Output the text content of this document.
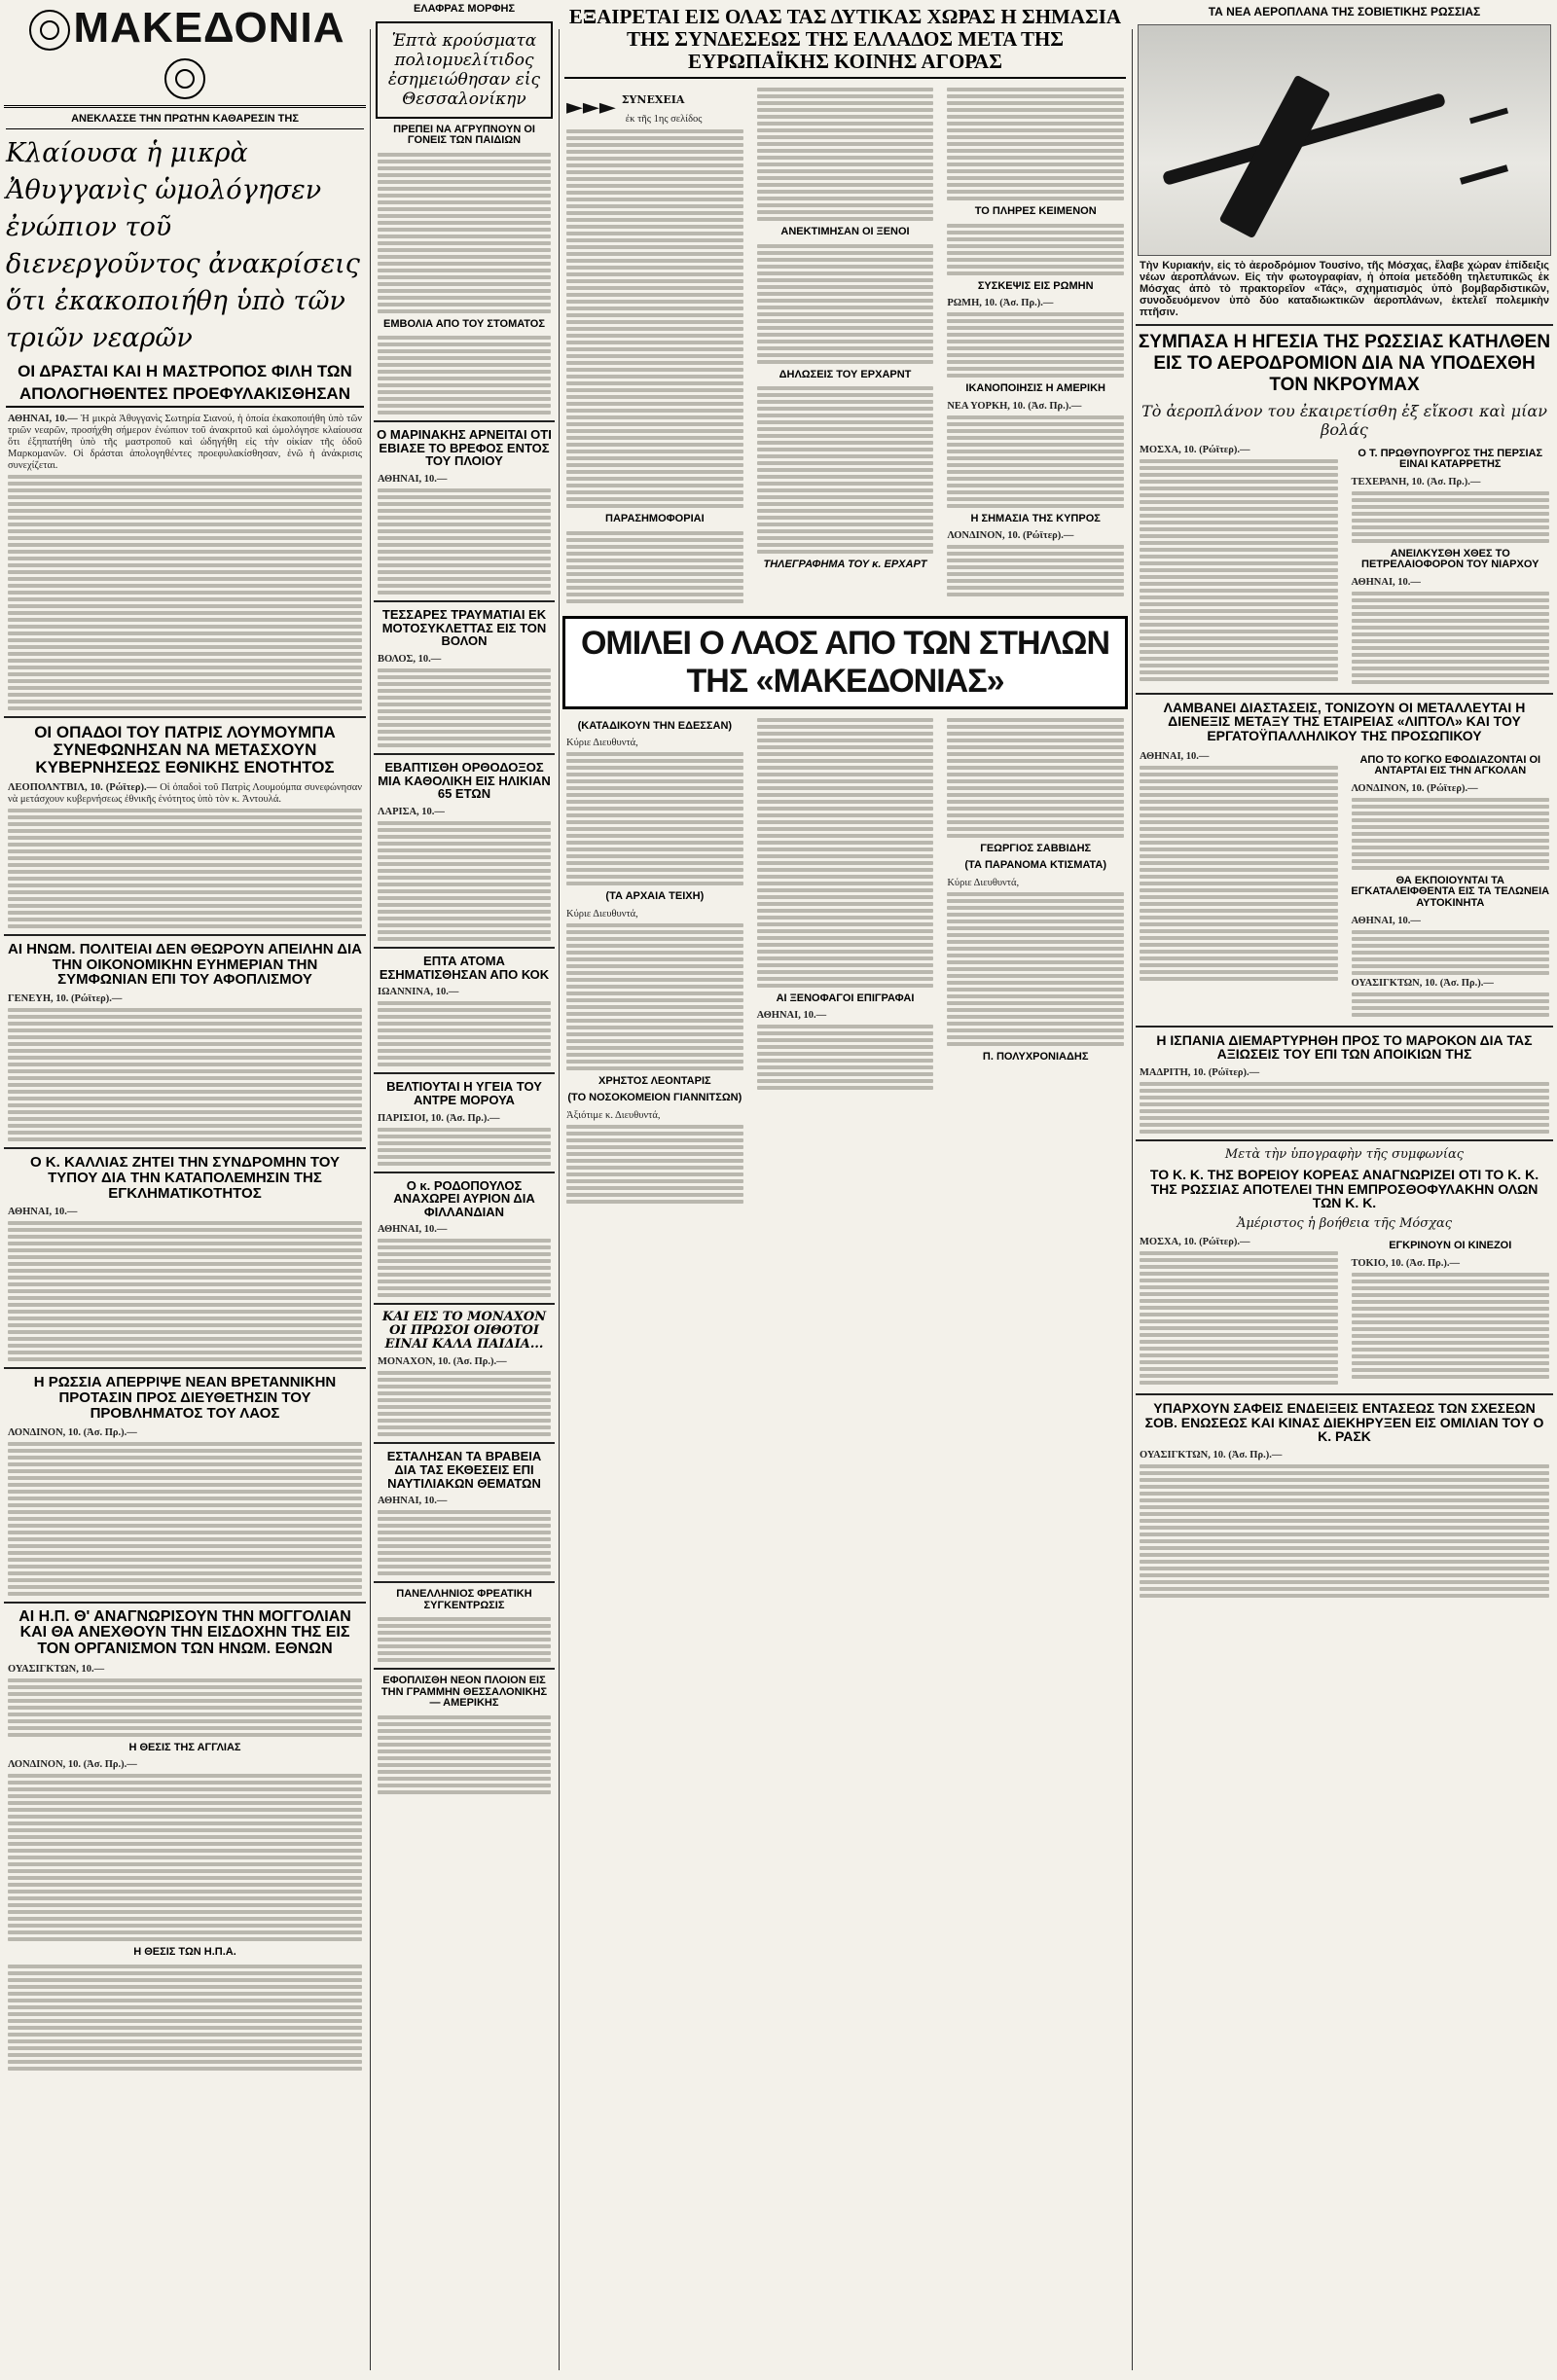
ΜΑΚΕΔΟΝΙΑ
ΑΝΕΚΛΑΣΣΕ ΤΗΝ ΠΡΩΤΗΝ ΚΑΘΑΡΕΣΙΝ ΤΗΣ
Κλαίουσα ἡ μικρὰ Ἀθυγγανὶς ὡμολόγησεν ἐνώπιον τοῦ διενεργοῦντος ἀνακρίσεις ὅτι ἐκακοποιήθη ὑπὸ τῶν τριῶν νεαρῶν
ΟΙ ΔΡΑΣΤΑΙ ΚΑΙ Η ΜΑΣΤΡΟΠΟΣ ΦΙΛΗ ΤΩΝ
ΑΠΟΛΟΓΗΘΕΝΤΕΣ ΠΡΟΕΦΥΛΑΚΙΣΘΗΣΑΝ

ΑΘΗΝΑΙ, 10.— Ἡ μικρὰ Ἀθυγγανὶς Σωτηρία Σιανού, ἡ ὁποία ἐκακοποιήθη ὑπὸ τῶν τριῶν νεαρῶν, προσήχθη σήμερον ἐνώπιον τοῦ ἀνακριτοῦ καὶ ὡμολόγησε κλαίουσα ὅτι ἐξηπατήθη ὑπὸ τῆς μαστροποῦ καὶ ὡδηγήθη εἰς τὴν οἰκίαν τῆς ὁδοῦ Μαρκομανῶν. Οἱ δράσται ἀπολογηθέντες προεφυλακίσθησαν, ἐνῶ ἡ ἀνάκρισις συνεχίζεται.

ΟΙ ΟΠΑΔΟΙ ΤΟΥ ΠΑΤΡΙΣ ΛΟΥΜΟΥΜΠΑ ΣΥΝΕΦΩΝΗΣΑΝ ΝΑ ΜΕΤΑΣΧΟΥΝ ΚΥΒΕΡΝΗΣΕΩΣ ΕΘΝΙΚΗΣ ΕΝΟΤΗΤΟΣ

ΛΕΟΠΟΛΝΤΒΙΛ, 10. (Ρώϊτερ).— Οἱ ὀπαδοὶ τοῦ Πατρὶς Λουμούμπα συνεφώνησαν νὰ μετάσχουν κυβερνήσεως ἐθνικῆς ἑνότητος ὑπὸ τὸν κ. Ἀντουλά.

ΑΙ ΗΝΩΜ. ΠΟΛΙΤΕΙΑΙ ΔΕΝ ΘΕΩΡΟΥΝ ΑΠΕΙΛΗΝ ΔΙΑ ΤΗΝ ΟΙΚΟΝΟΜΙΚΗΝ ΕΥΗΜΕΡΙΑΝ ΤΗΝ ΣΥΜΦΩΝΙΑΝ ΕΠΙ ΤΟΥ ΑΦΟΠΛΙΣΜΟΥ

ΓΕΝΕΥΗ, 10. (Ρώϊτερ).—

Ο Κ. ΚΑΛΛΙΑΣ ΖΗΤΕΙ ΤΗΝ ΣΥΝΔΡΟΜΗΝ ΤΟΥ ΤΥΠΟΥ ΔΙΑ ΤΗΝ ΚΑΤΑΠΟΛΕΜΗΣΙΝ ΤΗΣ ΕΓΚΛΗΜΑΤΙΚΟΤΗΤΟΣ

ΑΘΗΝΑΙ, 10.—

Η ΡΩΣΣΙΑ ΑΠΕΡΡΙΨΕ ΝΕΑΝ ΒΡΕΤΑΝΝΙΚΗΝ ΠΡΟΤΑΣΙΝ ΠΡΟΣ ΔΙΕΥΘΕΤΗΣΙΝ ΤΟΥ ΠΡΟΒΛΗΜΑΤΟΣ ΤΟΥ ΛΑΟΣ

ΛΟΝΔΙΝΟΝ, 10. (Ἀσ. Πρ.).—

ΑΙ Η.Π. Θ' ΑΝΑΓΝΩΡΙΣΟΥΝ ΤΗΝ ΜΟΓΓΟΛΙΑΝ ΚΑΙ ΘΑ ΑΝΕΧΘΟΥΝ ΤΗΝ ΕΙΣΔΟΧΗΝ ΤΗΣ ΕΙΣ ΤΟΝ ΟΡΓΑΝΙΣΜΟΝ ΤΩΝ ΗΝΩΜ. ΕΘΝΩΝ

ΟΥΑΣΙΓΚΤΩΝ, 10.—

Η ΘΕΣΙΣ ΤΗΣ ΑΓΓΛΙΑΣ

ΛΟΝΔΙΝΟΝ, 10. (Ἀσ. Πρ.).—

Η ΘΕΣΙΣ ΤΩΝ Η.Π.Α.
ΕΛΑΦΡΑΣ ΜΟΡΦΗΣ
Ἑπτὰ κρούσματα πολιομυελίτιδος ἐσημειώθησαν εἰς Θεσσαλονίκην
ΠΡΕΠΕΙ ΝΑ ΑΓΡΥΠΝΟΥΝ ΟΙ ΓΟΝΕΙΣ ΤΩΝ ΠΑΙΔΙΩΝ
ΕΜΒΟΛΙΑ ΑΠΟ ΤΟΥ ΣΤΟΜΑΤΟΣ
Ο ΜΑΡΙΝΑΚΗΣ ΑΡΝΕΙΤΑΙ ΟΤΙ ΕΒΙΑΣΕ ΤΟ ΒΡΕΦΟΣ ΕΝΤΟΣ ΤΟΥ ΠΛΟΙΟΥ

ΑΘΗΝΑΙ, 10.—

ΤΕΣΣΑΡΕΣ ΤΡΑΥΜΑΤΙΑΙ ΕΚ ΜΟΤΟΣΥΚΛΕΤΤΑΣ ΕΙΣ ΤΟΝ ΒΟΛΟΝ

ΒΟΛΟΣ, 10.—

ΕΒΑΠΤΙΣΘΗ ΟΡΘΟΔΟΞΟΣ ΜΙΑ ΚΑΘΟΛΙΚΗ ΕΙΣ ΗΛΙΚΙΑΝ 65 ΕΤΩΝ

ΛΑΡΙΣΑ, 10.—

ΕΠΤΑ ΑΤΟΜΑ ΕΣΗΜΑΤΙΣΘΗΣΑΝ ΑΠΟ ΚΟΚ

ΙΩΑΝΝΙΝΑ, 10.—

ΒΕΛΤΙΟΥΤΑΙ Η ΥΓΕΙΑ ΤΟΥ ΑΝΤΡΕ ΜΟΡΟΥΑ

ΠΑΡΙΣΙΟΙ, 10. (Ἀσ. Πρ.).—

Ο κ. ΡΟΔΟΠΟΥΛΟΣ ΑΝΑΧΩΡΕΙ ΑΥΡΙΟΝ ΔΙΑ ΦΙΛΛΑΝΔΙΑΝ

ΑΘΗΝΑΙ, 10.—

ΚΑΙ ΕΙΣ ΤΟ ΜΟΝΑΧΟΝ ΟΙ ΠΡΩΣΟΙ ΟΙΘΟΤΟΙ ΕΙΝΑΙ ΚΑΛΑ ΠΑΙΔΙΑ...

ΜΟΝΑΧΟΝ, 10. (Ἀσ. Πρ.).—

ΕΣΤΑΛΗΣΑΝ ΤΑ ΒΡΑΒΕΙΑ ΔΙΑ ΤΑΣ ΕΚΘΕΣΕΙΣ ΕΠΙ ΝΑΥΤΙΛΙΑΚΩΝ ΘΕΜΑΤΩΝ

ΑΘΗΝΑΙ, 10.—

ΠΑΝΕΛΛΗΝΙΟΣ ΦΡΕΑΤΙΚΗ ΣΥΓΚΕΝΤΡΩΣΙΣ
ΕΦΟΠΛΙΣΘΗ ΝΕΟΝ ΠΛΟΙΟΝ ΕΙΣ ΤΗΝ ΓΡΑΜΜΗΝ ΘΕΣΣΑΛΟΝΙΚΗΣ — ΑΜΕΡΙΚΗΣ
ΕΞΑΙΡΕΤΑΙ ΕΙΣ ΟΛΑΣ ΤΑΣ ΔΥΤΙΚΑΣ ΧΩΡΑΣ Η ΣΗΜΑΣΙΑ ΤΗΣ ΣΥΝΔΕΣΕΩΣ ΤΗΣ ΕΛΛΑΔΟΣ ΜΕΤΑ ΤΗΣ ΕΥΡΩΠΑΪΚΗΣ ΚΟΙΝΗΣ ΑΓΟΡΑΣ
►►► ΣΥΝΕΧΕΙΑ
ἐκ τῆς 1ης σελίδος
ΠΑΡΑΣΗΜΟΦΟΡΙΑΙ
ΑΝΕΚΤΙΜΗΣΑΝ ΟΙ ΞΕΝΟΙ
ΔΗΛΩΣΕΙΣ ΤΟΥ ΕΡΧΑΡΝΤ
ΤΗΛΕΓΡΑΦΗΜΑ ΤΟΥ κ. ΕΡΧΑΡΤ
ΤΟ ΠΛΗΡΕΣ ΚΕΙΜΕΝΟΝ
ΣΥΣΚΕΨΙΣ ΕΙΣ ΡΩΜΗΝ

ΡΩΜΗ, 10. (Ἀσ. Πρ.).—

ΙΚΑΝΟΠΟΙΗΣΙΣ Η ΑΜΕΡΙΚΗ

ΝΕΑ ΥΟΡΚΗ, 10. (Ἀσ. Πρ.).—

Η ΣΗΜΑΣΙΑ ΤΗΣ ΚΥΠΡΟΣ

ΛΟΝΔΙΝΟΝ, 10. (Ρώϊτερ).—

ΟΜΙΛΕΙ Ο ΛΑΟΣ ΑΠΟ ΤΩΝ ΣΤΗΛΩΝ ΤΗΣ «ΜΑΚΕΔΟΝΙΑΣ»
(ΚΑΤΑΔΙΚΟΥΝ ΤΗΝ ΕΔΕΣΣΑΝ)

Κύριε Διευθυντά,

(ΤΑ ΑΡΧΑΙΑ ΤΕΙΧΗ)

Κύριε Διευθυντά,

ΧΡΗΣΤΟΣ ΛΕΟΝΤΑΡΙΣ
(ΤΟ ΝΟΣΟΚΟΜΕΙΟΝ ΓΙΑΝΝΙΤΣΩΝ)

Ἀξιότιμε κ. Διευθυντά,

ΑΙ ΞΕΝΟΦΑΓΟΙ ΕΠΙΓΡΑΦΑΙ

ΑΘΗΝΑΙ, 10.—

ΓΕΩΡΓΙΟΣ ΣΑΒΒΙΔΗΣ
(ΤΑ ΠΑΡΑΝΟΜΑ ΚΤΙΣΜΑΤΑ)

Κύριε Διευθυντά,

Π. ΠΟΛΥΧΡΟΝΙΑΔΗΣ
ΤΑ ΝΕΑ ΑΕΡΟΠΛΑΝΑ ΤΗΣ ΣΟΒΙΕΤΙΚΗΣ ΡΩΣΣΙΑΣ

Τὴν Κυριακήν, εἰς τὸ ἀεροδρόμιον Τουσίνο, τῆς Μόσχας, ἔλαβε χώραν ἐπίδειξις νέων ἀεροπλάνων. Εἰς τὴν φωτογραφίαν, ἡ ὁποία μετεδόθη τηλετυπικῶς ἐκ Μόσχας ἀπὸ τὸ πρακτορεῖον «Τάς», σχηματισμὸς ὑπὸ βομβαρδιστικῶν, συνοδευόμενον ὑπὸ δύο καταδιωκτικῶν ἀεροπλάνων, ἐκτελεῖ πολεμικὴν πτῆσιν.

ΣΥΜΠΑΣΑ Η ΗΓΕΣΙΑ ΤΗΣ ΡΩΣΣΙΑΣ ΚΑΤΗΛΘΕΝ ΕΙΣ ΤΟ ΑΕΡΟΔΡΟΜΙΟΝ ΔΙΑ ΝΑ ΥΠΟΔΕΧΘΗ ΤΟΝ ΝΚΡΟΥΜΑΧ
Τὸ ἀεροπλάνον του ἐκαιρετίσθη ἐξ εἴκοσι καὶ μίαν βολάς

ΜΟΣΧΑ, 10. (Ρώϊτερ).—	Ο Τ. ΠΡΩΘΥΠΟΥΡΓΟΣ ΤΗΣ ΠΕΡΣΙΑΣ ΕΙΝΑΙ ΚΑΤΑΡΡΕΤΗΣ

ΤΕΧΕΡΑΝΗ, 10. (Ἀσ. Πρ.).—

ΑΝΕΙΛΚΥΣΘΗ ΧΘΕΣ ΤΟ ΠΕΤΡΕΛΑΙΟΦΟΡΟΝ ΤΟΥ ΝΙΑΡΧΟΥ

ΑΘΗΝΑΙ, 10.—

ΛΑΜΒΑΝΕΙ ΔΙΑΣΤΑΣΕΙΣ, ΤΟΝΙΖΟΥΝ ΟΙ ΜΕΤΑΛΛΕΥΤΑΙ Η ΔΙΕΝΕΞΙΣ ΜΕΤΑΞΥ ΤΗΣ ΕΤΑΙΡΕΙΑΣ «ΛΙΠΤΟΛ» ΚΑΙ ΤΟΥ ΕΡΓΑΤΟΫΠΑΛΛΗΛΙΚΟΥ ΤΗΣ ΠΡΟΣΩΠΙΚΟΥ

ΑΘΗΝΑΙ, 10.—	ΑΠΟ ΤΟ ΚΟΓΚΟ ΕΦΟΔΙΑΖΟΝΤΑΙ ΟΙ ΑΝΤΑΡΤΑΙ ΕΙΣ ΤΗΝ ΑΓΚΟΛΑΝ

ΛΟΝΔΙΝΟΝ, 10. (Ρώϊτερ).—

ΘΑ ΕΚΠΟΙΟΥΝΤΑΙ ΤΑ ΕΓΚΑΤΑΛΕΙΦΘΕΝΤΑ ΕΙΣ ΤΑ ΤΕΛΩΝΕΙΑ ΑΥΤΟΚΙΝΗΤΑ

ΑΘΗΝΑΙ, 10.—

ΟΥΑΣΙΓΚΤΩΝ, 10. (Ἀσ. Πρ.).—

Η ΙΣΠΑΝΙΑ ΔΙΕΜΑΡΤΥΡΗΘΗ ΠΡΟΣ ΤΟ ΜΑΡΟΚΟΝ ΔΙΑ ΤΑΣ ΑΞΙΩΣΕΙΣ ΤΟΥ ΕΠΙ ΤΩΝ ΑΠΟΙΚΙΩΝ ΤΗΣ

ΜΑΔΡΙΤΗ, 10. (Ρώϊτερ).—

Μετὰ τὴν ὑπογραφὴν τῆς συμφωνίας
ΤΟ Κ. Κ. ΤΗΣ ΒΟΡΕΙΟΥ ΚΟΡΕΑΣ ΑΝΑΓΝΩΡΙΖΕΙ ΟΤΙ ΤΟ Κ. Κ. ΤΗΣ ΡΩΣΣΙΑΣ ΑΠΟΤΕΛΕΙ ΤΗΝ ΕΜΠΡΟΣΘΟΦΥΛΑΚΗΝ ΟΛΩΝ ΤΩΝ Κ. Κ.
Ἀμέριστος ἡ βοήθεια τῆς Μόσχας

ΜΟΣΧΑ, 10. (Ρώϊτερ).—	ΕΓΚΡΙΝΟΥΝ ΟΙ ΚΙΝΕΖΟΙ

ΤΟΚΙΟ, 10. (Ἀσ. Πρ.).—

ΥΠΑΡΧΟΥΝ ΣΑΦΕΙΣ ΕΝΔΕΙΞΕΙΣ ΕΝΤΑΣΕΩΣ ΤΩΝ ΣΧΕΣΕΩΝ ΣΟΒ. ΕΝΩΣΕΩΣ ΚΑΙ ΚΙΝΑΣ ΔΙΕΚΗΡΥΞΕΝ ΕΙΣ ΟΜΙΛΙΑΝ ΤΟΥ Ο Κ. ΡΑΣΚ

ΟΥΑΣΙΓΚΤΩΝ, 10. (Ἀσ. Πρ.).—
